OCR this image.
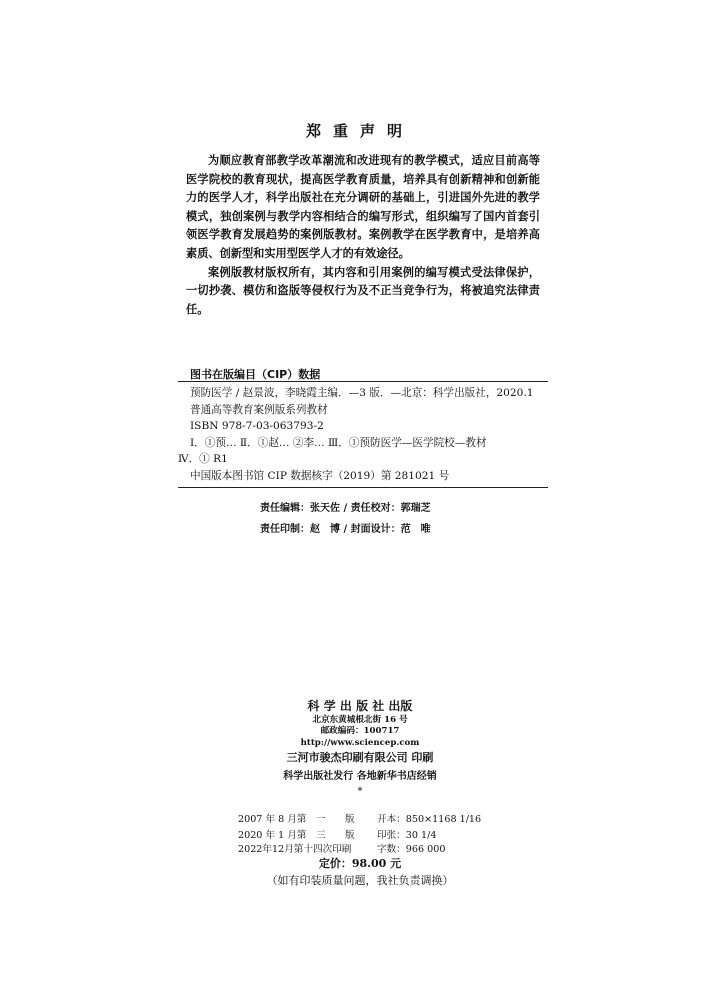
郑重声明

为顺应教育部教学改革潮流和改进现有的教学模式，适应目前高等医学院校的教育现状，提高医学教育质量，培养具有创新精神和创新能力的医学人才，科学出版社在充分调研的基础上，引进国外先进的教学模式，独创案例与教学内容相结合的编写形式，组织编写了国内首套引领医学教育发展趋势的案例版教材。案例教学在医学教育中，是培养高素质、创新型和实用型医学人才的有效途径。

案例版教材版权所有，其内容和引用案例的编写模式受法律保护，一切抄袭、模仿和盗版等侵权行为及不正当竞争行为，将被追究法律责任。

图书在版编目（CIP）数据
预防医学 / 赵景波，李晓霞主编．—3 版．—北京：科学出版社，2020.1
普通高等教育案例版系列教材
ISBN 978-7-03-063793-2
Ⅰ．①预… Ⅱ．①赵… ②李… Ⅲ．①预防医学—医学院校—教材
Ⅳ．① R1
中国版本图书馆 CIP 数据核字（2019）第 281021 号
责任编辑：张天佐 / 责任校对：郭瑞芝
责任印制：赵　博 / 封面设计：范　唯
科 学 出 版 社 出版
北京东黄城根北街 16 号
邮政编码：100717
http://www.sciencep.com
三河市骏杰印刷有限公司 印刷
科学出版社发行 各地新华书店经销
*
2007 年 8 月第 一 版 开本：850×1168 1/16
2020 年 1 月第 三 版 印张：30 1/4
2022年12月第十四次印刷	字数：966 000
定价：98.00 元
（如有印装质量问题，我社负责调换）
